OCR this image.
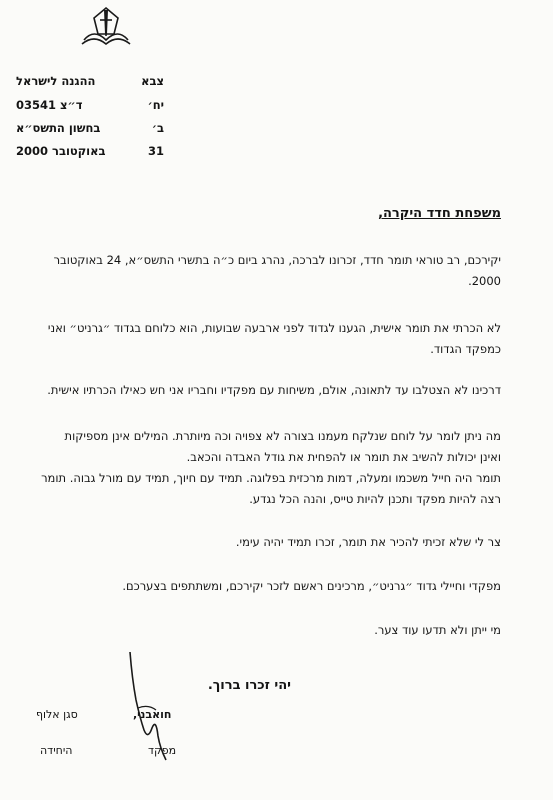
ההגנה לישראל	צבא
ד״צ 03541	יח׳
בחשון התשס״א	ב׳
באוקטובר 2000	31
משפחת חדד היקרה,
יקירכם, רב טוראי תומר חדד, זכרונו לברכה, נהרג ביום כ״ה בתשרי התשס״א, 24 באוקטובר 2000.
לא הכרתי את תומר אישית, הגענו לגדוד לפני ארבעה שבועות, הוא כלוחם בגדוד ״גרניט״ ואני כמפקד הגדוד.
דרכינו לא הצטלבו עד לתאונה, אולם, משיחות עם מפקדיו וחבריו אני חש כאילו הכרתיו אישית.
מה ניתן לומר על לוחם שנלקח מעמנו בצורה לא צפויה וכה מיותרת. המילים אינן מספיקות ואינן יכולות להשיב את תומר או להפחית את גודל האבדה והכאב.
תומר היה חייל משכמו ומעלה, דמות מרכזית בפלוגה. תמיד עם חיוך, תמיד עם מורל גבוה. תומר רצה להיות מפקד ותכנן להיות טייס, והנה הכל נגדע.
צר לי שלא זכיתי להכיר את תומר, זכרו תמיד יהיה עימי.
מפקדי וחיילי גדוד ״גרניט״, מרכינים ראשם לזכר יקירכם, ומשתתפים בצערכם.
מי ייתן ולא תדעו עוד צער.
יהי זכרו ברוך.
סגן אלוף
היחידה
חואבני,
מפקד
